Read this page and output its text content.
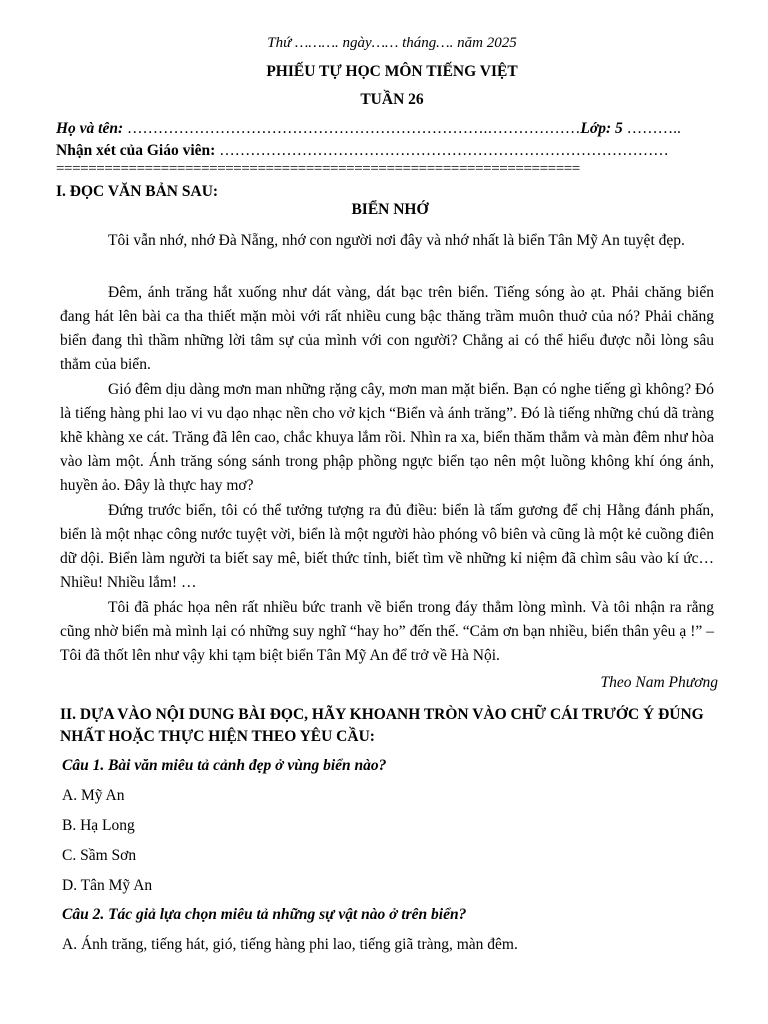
Thứ ………. ngày…… tháng…. năm 2025
PHIẾU TỰ HỌC MÔN TIẾNG VIỆT
TUẦN 26
Họ và tên: …………………………………………………………….………………Lớp: 5 ………..
Nhận xét của Giáo viên: ……………………………………………………………………………
=================================================================
I. ĐỌC VĂN BẢN SAU:
BIỂN NHỚ

Tôi vẫn nhớ, nhớ Đà Nẵng, nhớ con người nơi đây và nhớ nhất là biển Tân Mỹ An tuyệt đẹp.

Đêm, ánh trăng hắt xuống như dát vàng, dát bạc trên biển. Tiếng sóng ào ạt. Phải chăng biển đang hát lên bài ca tha thiết mặn mòi với rất nhiều cung bậc thăng trầm muôn thuở của nó? Phải chăng biển đang thì thầm những lời tâm sự của mình với con người? Chẳng ai có thể hiểu được nỗi lòng sâu thẳm của biển.

Gió đêm dịu dàng mơn man những rặng cây, mơn man mặt biển. Bạn có nghe tiếng gì không? Đó là tiếng hàng phi lao vi vu dạo nhạc nền cho vở kịch “Biển và ánh trăng”. Đó là tiếng những chú dã tràng khẽ khàng xe cát. Trăng đã lên cao, chắc khuya lắm rồi. Nhìn ra xa, biển thăm thẳm và màn đêm như hòa vào làm một. Ánh trăng sóng sánh trong phập phồng ngực biển tạo nên một luồng không khí óng ánh, huyền ảo. Đây là thực hay mơ?

Đứng trước biển, tôi có thể tưởng tượng ra đủ điều: biển là tấm gương để chị Hằng đánh phấn, biển là một nhạc công nước tuyệt vời, biển là một người hào phóng vô biên và cũng là một kẻ cuồng điên dữ dội. Biển làm người ta biết say mê, biết thức tỉnh, biết tìm về những kỉ niệm đã chìm sâu vào kí ức… Nhiều! Nhiều lắm! …

Tôi đã phác họa nên rất nhiều bức tranh về biển trong đáy thẳm lòng mình. Và tôi nhận ra rằng cũng nhờ biển mà mình lại có những suy nghĩ “hay ho” đến thế. “Cảm ơn bạn nhiều, biển thân yêu ạ !” – Tôi đã thốt lên như vậy khi tạm biệt biển Tân Mỹ An để trở về Hà Nội.

Theo Nam Phương
II. DỰA VÀO NỘI DUNG BÀI ĐỌC, HÃY KHOANH TRÒN VÀO CHỮ CÁI TRƯỚC Ý ĐÚNG NHẤT HOẶC THỰC HIỆN THEO YÊU CẦU:
Câu 1. Bài văn miêu tả cảnh đẹp ở vùng biển nào?
A. Mỹ An
B. Hạ Long
C. Sầm Sơn
D. Tân Mỹ An
Câu 2. Tác giả lựa chọn miêu tả những sự vật nào ở trên biển?
A. Ánh trăng, tiếng hát, gió, tiếng hàng phi lao, tiếng giã tràng, màn đêm.
